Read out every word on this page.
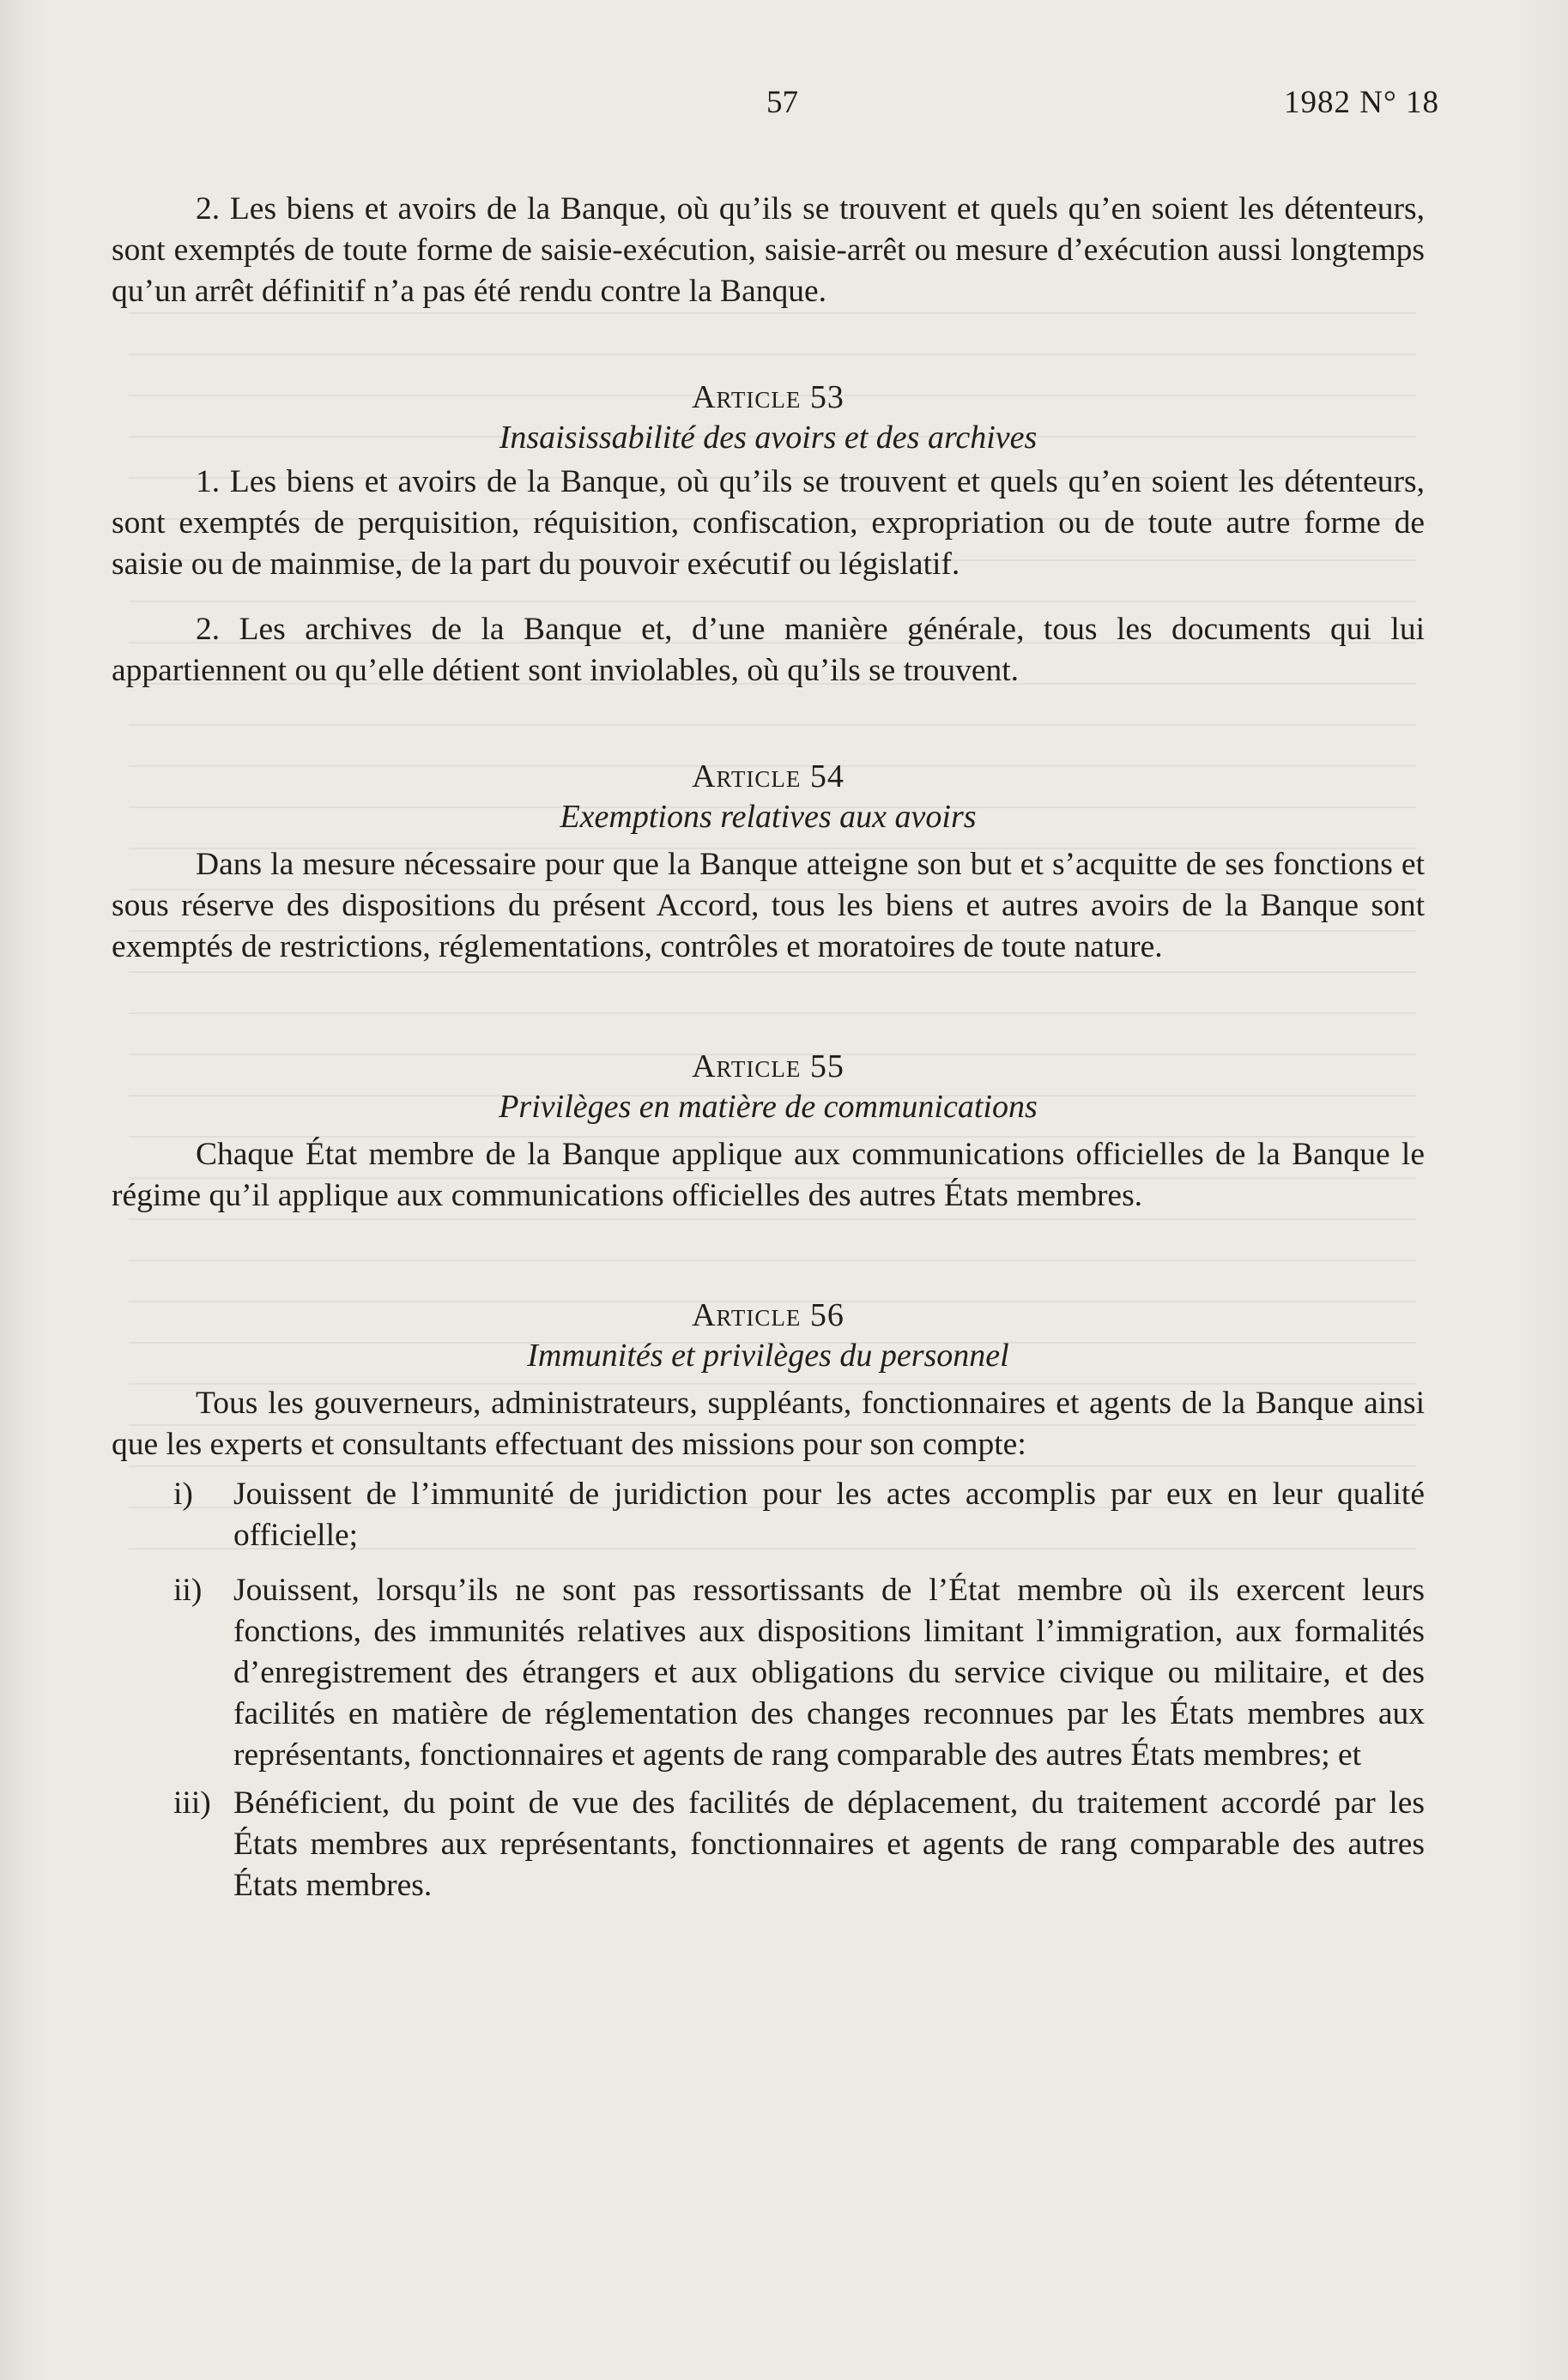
57	1982 N° 18

2. Les biens et avoirs de la Banque, où qu’ils se trouvent et quels qu’en soient les détenteurs, sont exemptés de toute forme de saisie-exécution, saisie-arrêt ou mesure d’exécution aussi longtemps qu’un arrêt définitif n’a pas été rendu contre la Banque.

Article 53
Insaisissabilité des avoirs et des archives

1. Les biens et avoirs de la Banque, où qu’ils se trouvent et quels qu’en soient les détenteurs, sont exemptés de perquisition, réquisition, confiscation, expropriation ou de toute autre forme de saisie ou de mainmise, de la part du pouvoir exécutif ou législatif.

2. Les archives de la Banque et, d’une manière générale, tous les documents qui lui appartiennent ou qu’elle détient sont inviolables, où qu’ils se trouvent.

Article 54
Exemptions relatives aux avoirs

Dans la mesure nécessaire pour que la Banque atteigne son but et s’acquitte de ses fonctions et sous réserve des dispositions du présent Accord, tous les biens et autres avoirs de la Banque sont exemptés de restrictions, réglementations, contrôles et moratoires de toute nature.

Article 55
Privilèges en matière de communications

Chaque État membre de la Banque applique aux communications officielles de la Banque le régime qu’il applique aux communications officielles des autres États membres.

Article 56
Immunités et privilèges du personnel

Tous les gouverneurs, administrateurs, suppléants, fonctionnaires et agents de la Banque ainsi que les experts et consultants effectuant des missions pour son compte:

i)	Jouissent de l’immunité de juridiction pour les actes accomplis par eux en leur qualité officielle;
ii) Jouissent, lorsqu’ils ne sont pas ressortissants de l’État membre où ils exercent leurs fonctions, des immunités relatives aux dispositions limitant l’immigration, aux formalités d’enregistrement des étrangers et aux obligations du service civique ou militaire, et des facilités en matière de réglementation des changes reconnues par les États membres aux représentants, fonctionnaires et agents de rang comparable des autres États membres; et
iii) Bénéficient, du point de vue des facilités de déplacement, du traitement accordé par les États membres aux représentants, fonctionnaires et agents de rang comparable des autres États membres.
